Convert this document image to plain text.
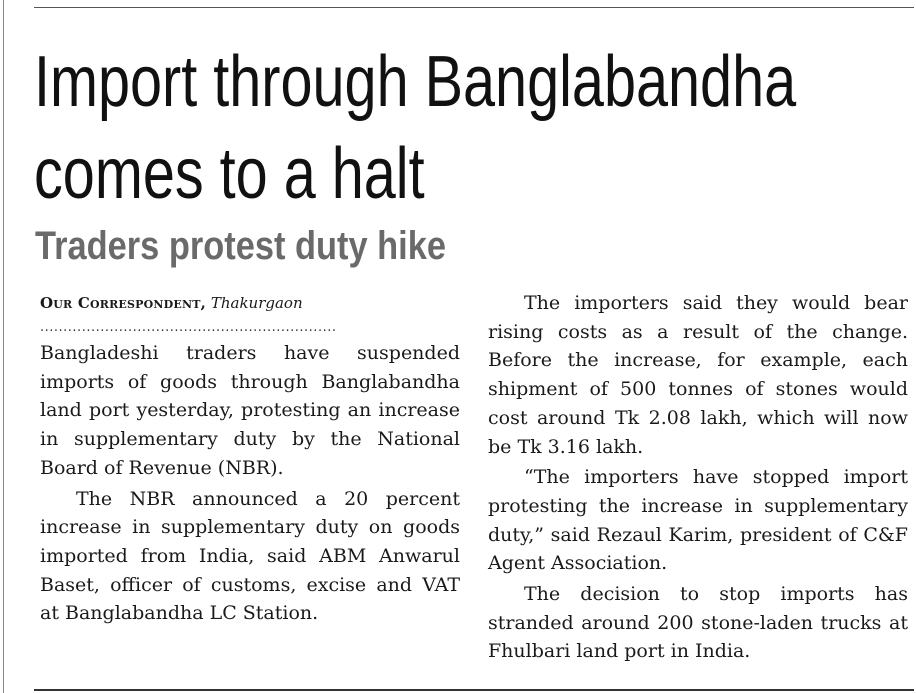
Import through Banglabandha
comes to a halt
Traders protest duty hike
Our Correspondent, Thakurgaon
................................................................

Bangladeshi traders have suspended imports of goods through Banglabandha land port yesterday, protesting an increase in supplementary duty by the National Board of Revenue (NBR).

The NBR announced a 20 percent increase in supplementary duty on goods imported from India, said ABM Anwarul Baset, officer of customs, excise and VAT at Banglabandha LC Station.

The importers said they would bear rising costs as a result of the change. Before the increase, for example, each shipment of 500 tonnes of stones would cost around Tk 2.08 lakh, which will now be Tk 3.16 lakh.

“The importers have stopped import protesting the increase in supplementary duty,” said Rezaul Karim, president of C&F Agent Association.

The decision to stop imports has stranded around 200 stone-laden trucks at Fhulbari land port in India.
